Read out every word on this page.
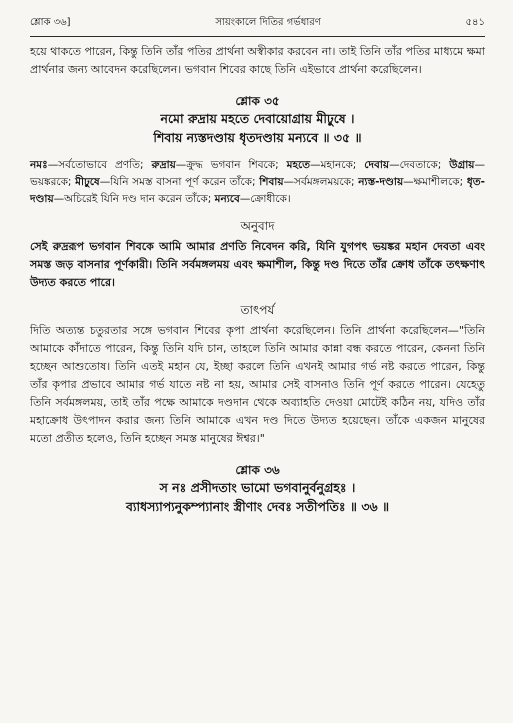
শ্লোক ৩৬]	সায়ংকালে দিতির গর্ভধারণ	৫৪১

হয়ে থাকতে পারেন, কিন্তু তিনি তাঁর পতির প্রার্থনা অস্বীকার করবেন না। তাই তিনি তাঁর পতির মাধ্যমে ক্ষমা প্রার্থনার জন্য আবেদন করেছিলেন। ভগবান শিবের কাছে তিনি এইভাবে প্রার্থনা করেছিলেন।

শ্লোক ৩৫
নমো রুদ্রায় মহতে দেবায়োগ্রায় মীঢ়ুষে ।
শিবায় ন্যস্তদণ্ডায় ধৃতদণ্ডায় মন্যবে ॥ ৩৫ ॥
নমঃ—সর্বতোভাবে প্রণতি; রুদ্রায়—ক্রুদ্ধ ভগবান শিবকে; মহতে—মহানকে; দেবায়—দেবতাকে; উগ্রায়—ভয়ঙ্করকে; মীঢ়ুষে—যিনি সমস্ত বাসনা পূর্ণ করেন তাঁকে; শিবায়—সর্বমঙ্গলময়কে; ন্যস্ত-দণ্ডায়—ক্ষমাশীলকে; ধৃত-দণ্ডায়—অচিরেই যিনি দণ্ড দান করেন তাঁকে; মন্যবে—ক্রোধীকে।
অনুবাদ

সেই রুদ্ররূপ ভগবান শিবকে আমি আমার প্রণতি নিবেদন করি, যিনি যুগপৎ ভয়ঙ্কর মহান দেবতা এবং সমস্ত জড় বাসনার পূর্ণকারী। তিনি সর্বমঙ্গলময় এবং ক্ষমাশীল, কিন্তু দণ্ড দিতে তাঁর ক্রোধ তাঁকে তৎক্ষণাৎ উদ্যত করতে পারে।

তাৎপর্য

দিতি অত্যন্ত চতুরতার সঙ্গে ভগবান শিবের কৃপা প্রার্থনা করেছিলেন। তিনি প্রার্থনা করেছিলেন—"তিনি আমাকে কাঁদাতে পারেন, কিন্তু তিনি যদি চান, তাহলে তিনি আমার কান্না বন্ধ করতে পারেন, কেননা তিনি হচ্ছেন আশুতোষ। তিনি এতই মহান যে, ইচ্ছা করলে তিনি এখনই আমার গর্ভ নষ্ট করতে পারেন, কিন্তু তাঁর কৃপার প্রভাবে আমার গর্ভ যাতে নষ্ট না হয়, আমার সেই বাসনাও তিনি পূর্ণ করতে পারেন। যেহেতু তিনি সর্বমঙ্গলময়, তাই তাঁর পক্ষে আমাকে দণ্ডদান থেকে অব্যাহতি দেওয়া মোটেই কঠিন নয়, যদিও তাঁর মহাক্রোধ উৎপাদন করার জন্য তিনি আমাকে এখন দণ্ড দিতে উদ্যত হয়েছেন। তাঁকে একজন মানুষের মতো প্রতীত হলেও, তিনি হচ্ছেন সমস্ত মানুষের ঈশ্বর।"

শ্লোক ৩৬
স নঃ প্রসীদতাং ভামো ভগবানুর্বনুগ্রহঃ ।
ব্যাধস্যাপ্যনুকম্প্যানাং স্ত্রীণাং দেবঃ সতীপতিঃ ॥ ৩৬ ॥
